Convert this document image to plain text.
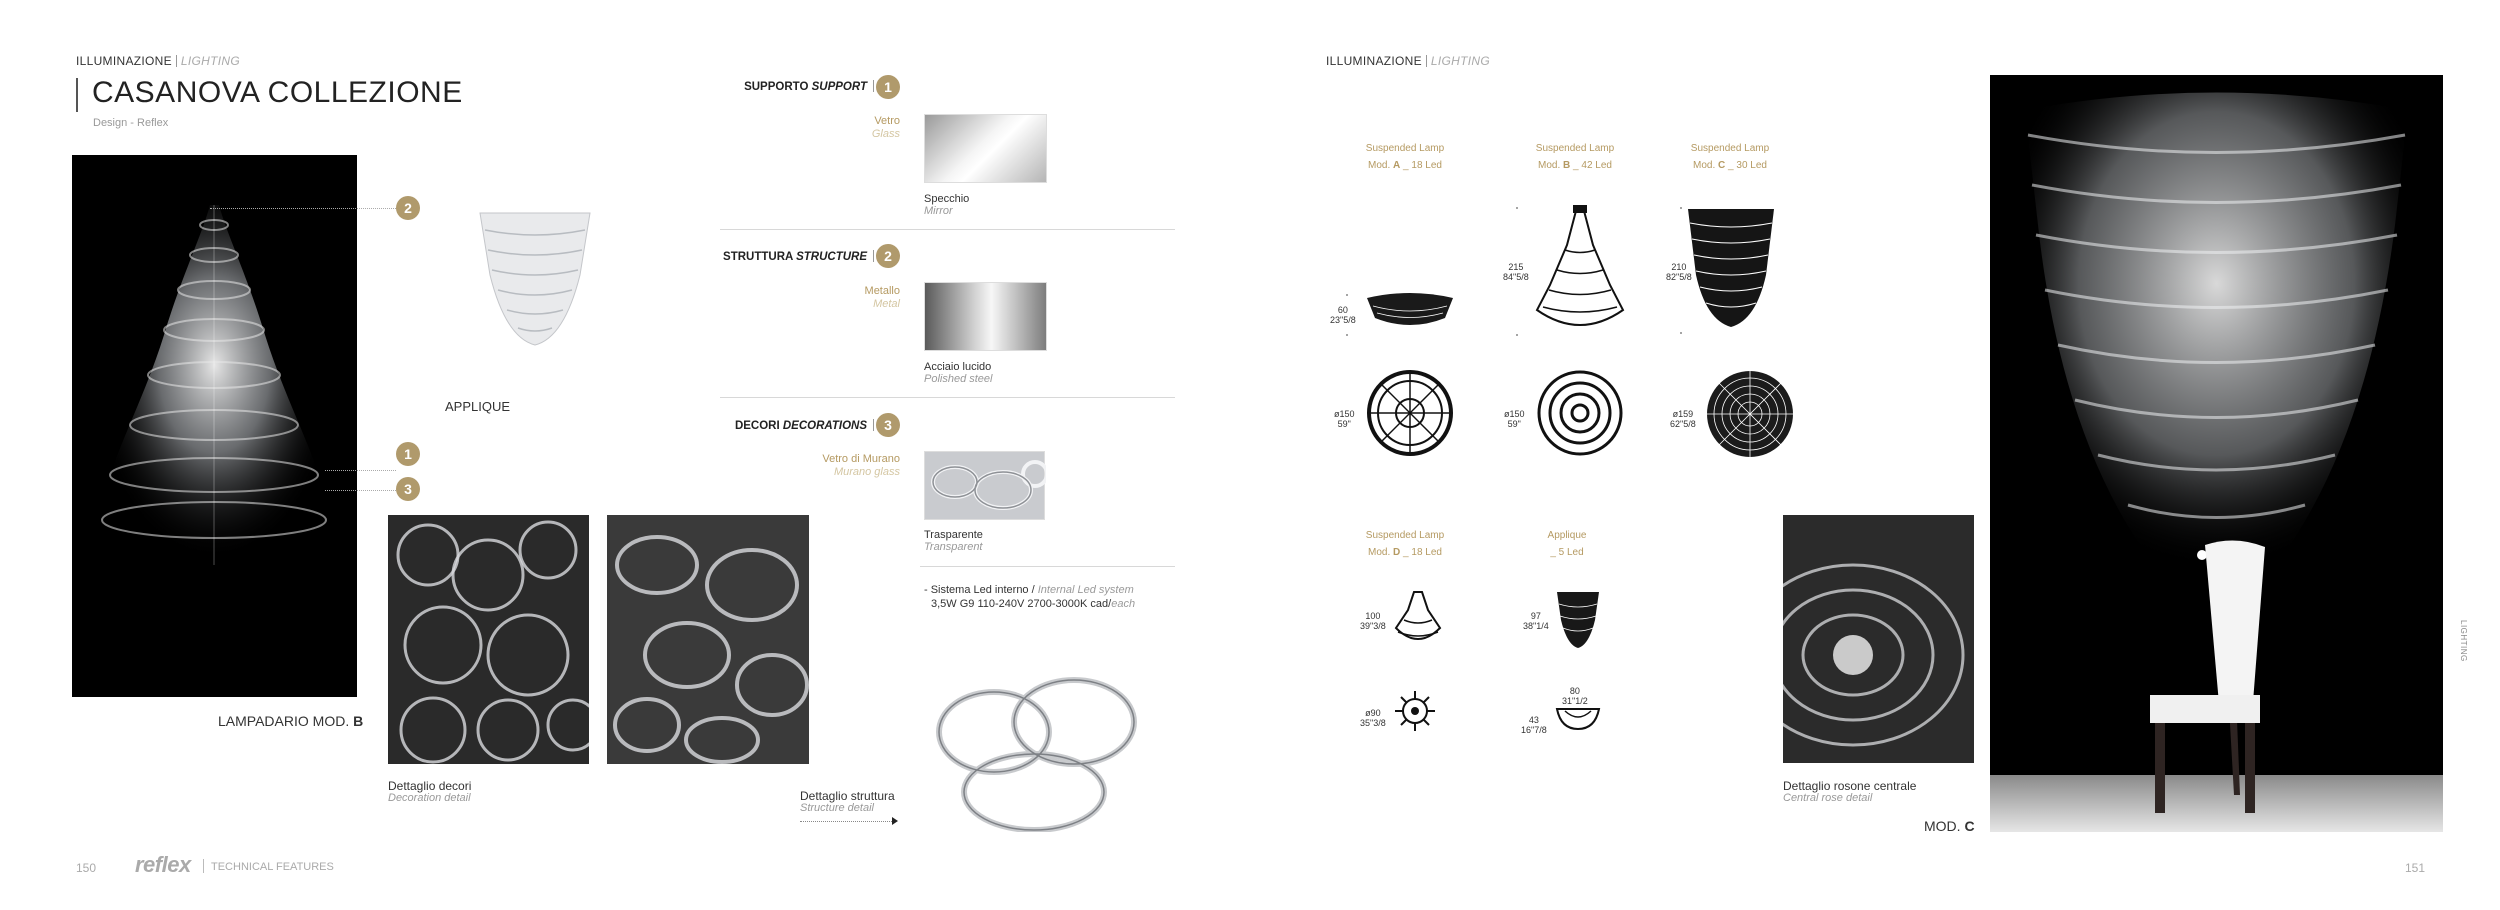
ILLUMINAZIONE LIGHTING
CASANOVA COLLEZIONE
Design - Reflex
2
1
3
LAMPADARIO MOD. B
APPLIQUE
Dettaglio decori
Decoration detail	Dettaglio struttura
Structure detail
SUPPORTO SUPPORT	1
Vetro
Glass
Specchio
Mirror
STRUTTURA STRUCTURE	2
Metallo
Metal
Acciaio lucido
Polished steel
DECORI DECORATIONS	3
Vetro di Murano
Murano glass
Trasparente
Transparent
- Sistema Led interno / Internal Led system
3,5W G9 110-240V 2700-3000K cad/each
150 reflex TECHNICAL FEATURES
ILLUMINAZIONE LIGHTING
Suspended Lamp
Mod. A _ 18 Led
60
23"5/8
ø150
59"
Suspended Lamp
Mod. B _ 42 Led
215
84"5/8
ø150
59"
Suspended Lamp
Mod. C _ 30 Led
210
82"5/8
ø159
62"5/8
Suspended Lamp
Mod. D _ 18 Led
100
39"3/8
ø90
35"3/8
Applique
_ 5 Led
97
38"1/4
80
31"1/2
43
16"7/8
Dettaglio rosone centrale
Central rose detail
MOD. C
LIGHTING
151
